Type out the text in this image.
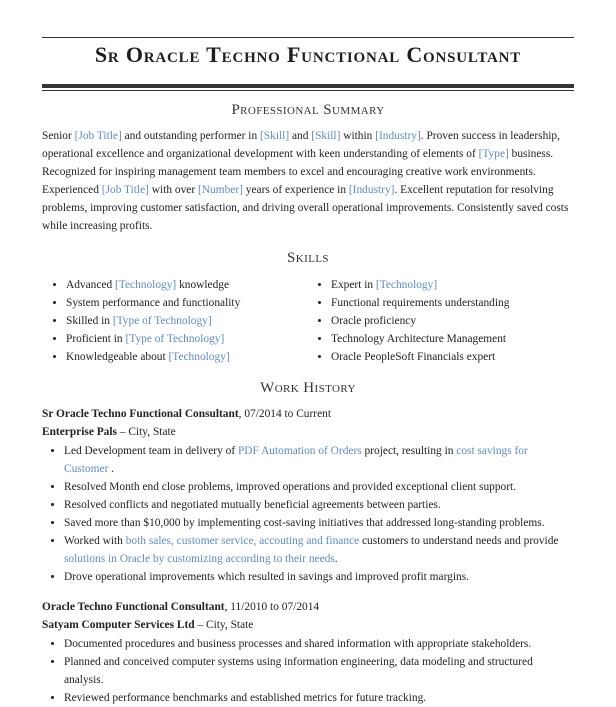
Sr Oracle Techno Functional Consultant
Professional Summary
Senior [Job Title] and outstanding performer in [Skill] and [Skill] within [Industry]. Proven success in leadership, operational excellence and organizational development with keen understanding of elements of [Type] business. Recognized for inspiring management team members to excel and encouraging creative work environments. Experienced [Job Title] with over [Number] years of experience in [Industry]. Excellent reputation for resolving problems, improving customer satisfaction, and driving overall operational improvements. Consistently saved costs while increasing profits.
Skills
• Advanced [Technology] knowledge
• System performance and functionality
• Skilled in [Type of Technology]
• Proficient in [Type of Technology]
• Knowledgeable about [Technology]
• Expert in [Technology]
• Functional requirements understanding
• Oracle proficiency
• Technology Architecture Management
• Oracle PeopleSoft Financials expert
Work History
Sr Oracle Techno Functional Consultant, 07/2014 to Current
Enterprise Pals – City, State
• Led Development team in delivery of PDF Automation of Orders project, resulting in cost savings for Customer .
• Resolved Month end close problems, improved operations and provided exceptional client support.
• Resolved conflicts and negotiated mutually beneficial agreements between parties.
• Saved more than $10,000 by implementing cost-saving initiatives that addressed long-standing problems.
• Worked with both sales, customer service, accouting and finance customers to understand needs and provide solutions in Oracle by customizing according to their needs.
• Drove operational improvements which resulted in savings and improved profit margins.
Oracle Techno Functional Consultant, 11/2010 to 07/2014
Satyam Computer Services Ltd – City, State
• Documented procedures and business processes and shared information with appropriate stakeholders.
• Planned and conceived computer systems using information engineering, data modeling and structured analysis.
• Reviewed performance benchmarks and established metrics for future tracking.
